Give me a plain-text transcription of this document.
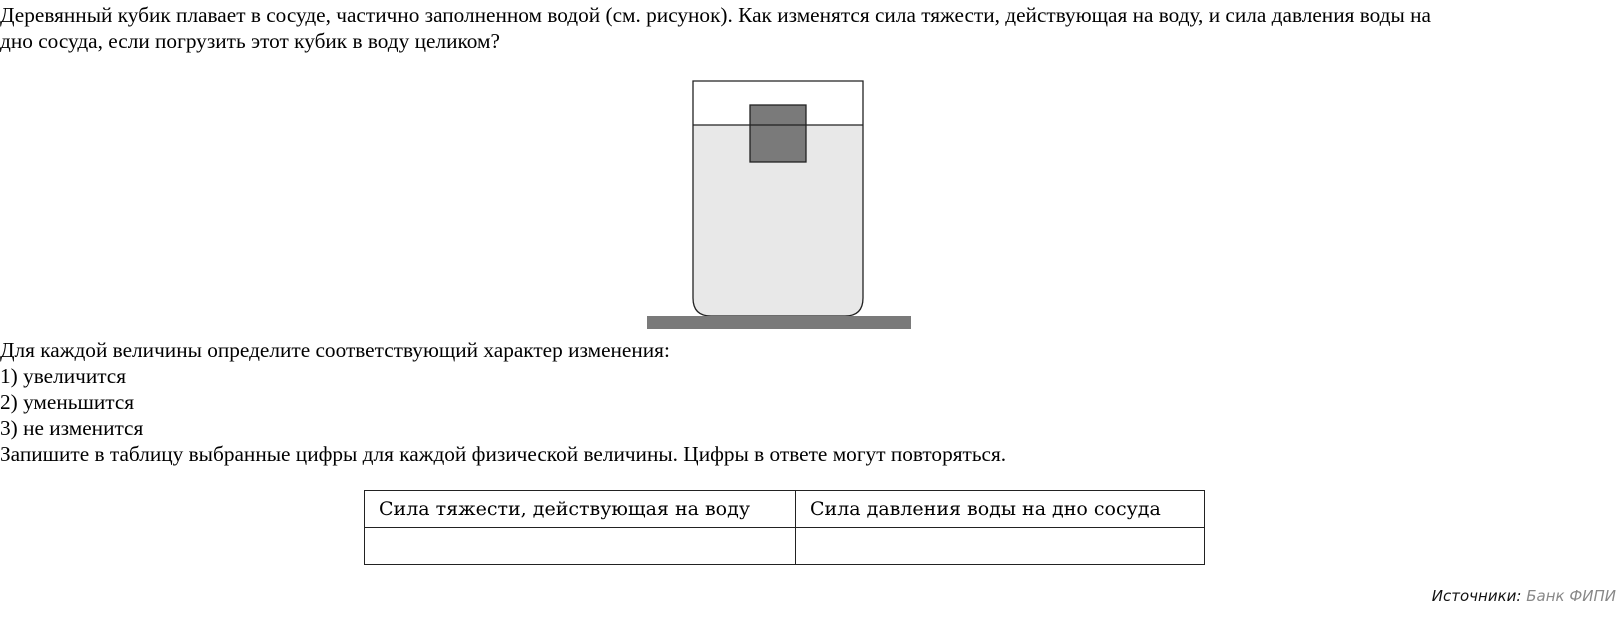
Деревянный кубик плавает в сосуде, частично заполненном водой (см. рисунок). Как изменятся сила тяжести, действующая на воду, и сила давления воды на

дно сосуда, если погрузить этот кубик в воду целиком?

Для каждой величины определите соответствующий характер изменения:

1) увеличится

2) уменьшится

3) не изменится

Запишите в таблицу выбранные цифры для каждой физической величины. Цифры в ответе могут повторяться.

Сила тяжести, действующая на воду	Сила давления воды на дно сосуда

Источники: Банк ФИПИ
